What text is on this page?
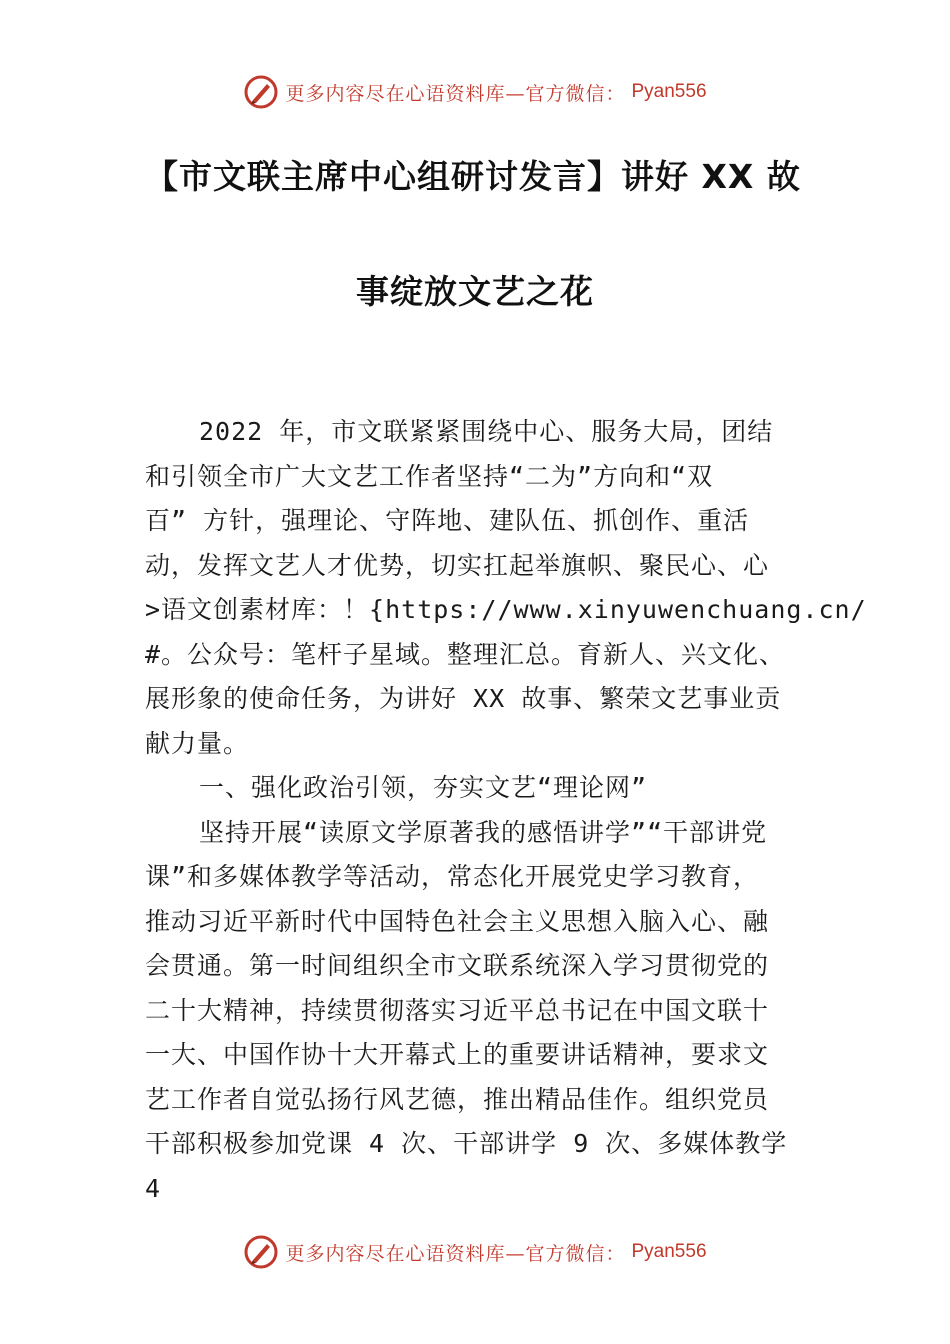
更多内容尽在心语资料库—官方微信： Pyan556
【市文联主席中心组研讨发言】讲好 XX 故
事绽放文艺之花
2022 年，市文联紧紧围绕中心、服务大局，团结
和引领全市广大文艺工作者坚持“二为”方向和“双
百” 方针，强理论、守阵地、建队伍、抓创作、重活
动，发挥文艺人才优势，切实扛起举旗帜、聚民心、心
>语文创素材库：！{https://www.xinyuwenchuang.cn/
#。公众号：笔杆子星域。整理汇总。育新人、兴文化、
展形象的使命任务，为讲好 XX 故事、繁荣文艺事业贡
献力量。
一、强化政治引领，夯实文艺“理论网”
坚持开展“读原文学原著我的感悟讲学”“干部讲党
课”和多媒体教学等活动，常态化开展党史学习教育，
推动习近平新时代中国特色社会主义思想入脑入心、融
会贯通。第一时间组织全市文联系统深入学习贯彻党的
二十大精神，持续贯彻落实习近平总书记在中国文联十
一大、中国作协十大开幕式上的重要讲话精神，要求文
艺工作者自觉弘扬行风艺德，推出精品佳作。组织党员
干部积极参加党课 4 次、干部讲学 9 次、多媒体教学
4
更多内容尽在心语资料库—官方微信： Pyan556
